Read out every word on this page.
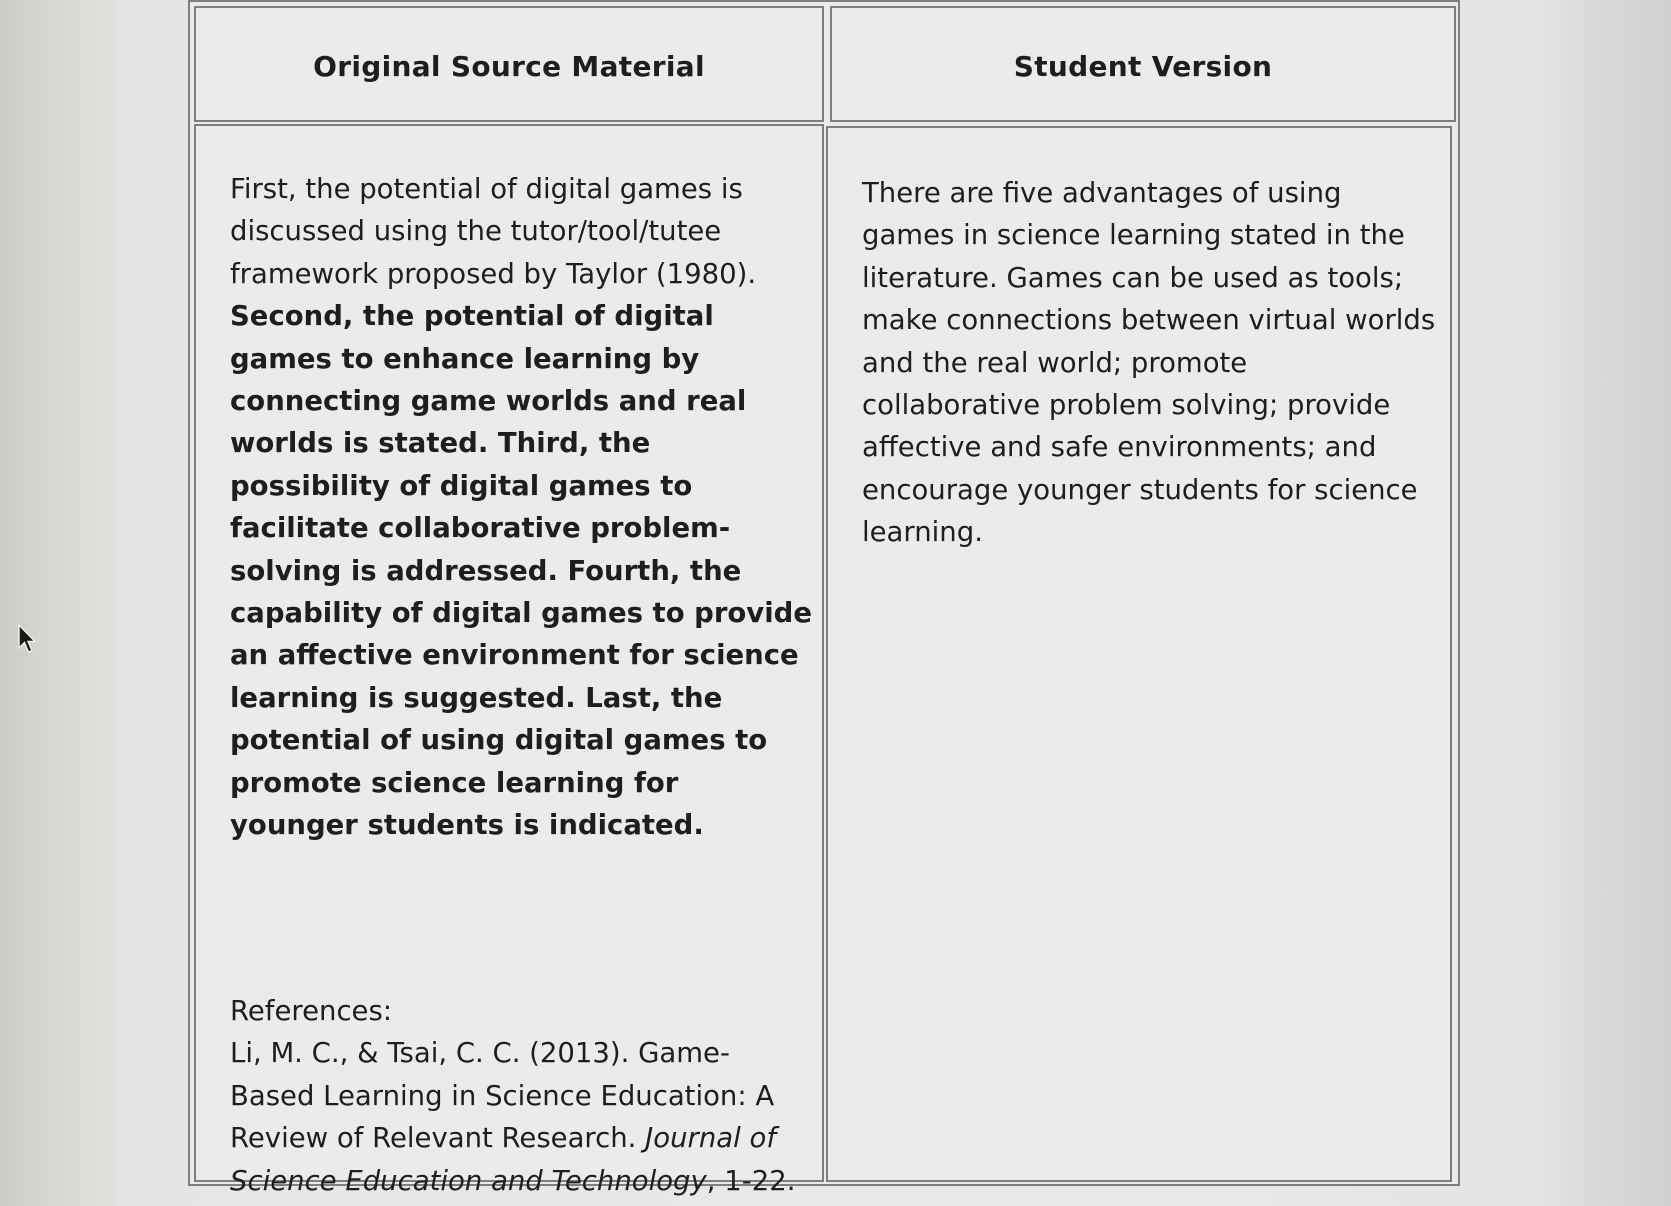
Original Source Material	Student Version
First, the potential of digital games is
discussed using the tutor/tool/tutee
framework proposed by Taylor (1980).
Second, the potential of digital
games to enhance learning by
connecting game worlds and real
worlds is stated. Third, the
possibility of digital games to
facilitate collaborative problem-
solving is addressed. Fourth, the
capability of digital games to provide
an affective environment for science
learning is suggested. Last, the
potential of using digital games to
promote science learning for
younger students is indicated.
References:
Li, M. C., & Tsai, C. C. (2013). Game-
Based Learning in Science Education: A
Review of Relevant Research. Journal of
Science Education and Technology, 1-22.
There are five advantages of using
games in science learning stated in the
literature. Games can be used as tools;
make connections between virtual worlds
and the real world; promote
collaborative problem solving; provide
affective and safe environments; and
encourage younger students for science
learning.
